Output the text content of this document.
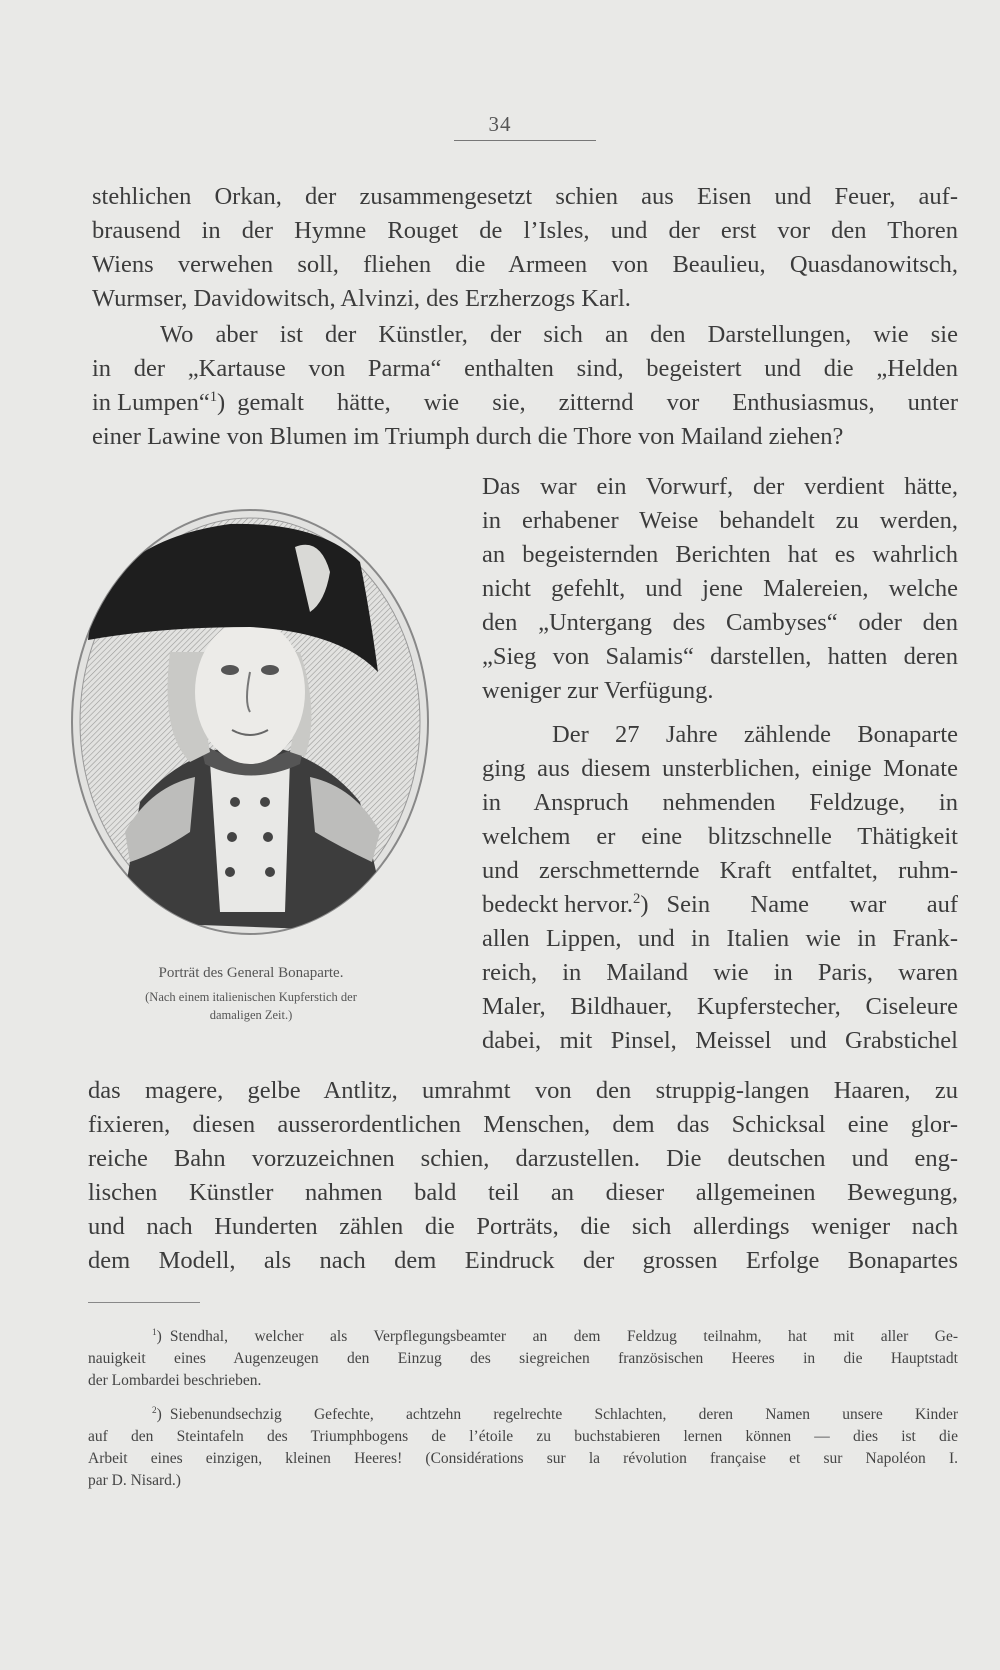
34
stehlichen Orkan, der zusammengesetzt schien aus Eisen und Feuer, auf-
brausend in der Hymne Rouget de l’Isles, und der erst vor den Thoren
Wiens verwehen soll, fliehen die Armeen von Beaulieu, Quasdanowitsch,
Wurmser, Davidowitsch, Alvinzi, des Erzherzogs Karl.
Wo aber ist der Künstler, der sich an den Darstellungen, wie sie
in der „Kartause von Parma“ enthalten sind, begeistert und die „Helden
in Lumpen“$^1$) gemalt hätte, wie sie, zitternd vor Enthusiasmus, unter
einer Lawine von Blumen im Triumph durch die Thore von Mailand ziehen?
Porträt des General Bonaparte.
(Nach einem italienischen Kupferstich der
damaligen Zeit.)
Das war ein Vorwurf, der verdient hätte,
in erhabener Weise behandelt zu werden,
an begeisternden Berichten hat es wahrlich
nicht gefehlt, und jene Malereien, welche
den „Untergang des Cambyses“ oder den
„Sieg von Salamis“ darstellen, hatten deren
weniger zur Verfügung.
Der 27 Jahre zählende Bonaparte
ging aus diesem unsterblichen, einige Monate
in Anspruch nehmenden Feldzuge, in
welchem er eine blitzschnelle Thätigkeit
und zerschmetternde Kraft entfaltet, ruhm-
bedeckt hervor.$^2$) Sein Name war auf
allen Lippen, und in Italien wie in Frank-
reich, in Mailand wie in Paris, waren
Maler, Bildhauer, Kupferstecher, Ciseleure
dabei, mit Pinsel, Meissel und Grabstichel
das magere, gelbe Antlitz, umrahmt von den struppig-langen Haaren, zu
fixieren, diesen ausserordentlichen Menschen, dem das Schicksal eine glor-
reiche Bahn vorzuzeichnen schien, darzustellen. Die deutschen und eng-
lischen Künstler nahmen bald teil an dieser allgemeinen Bewegung,
und nach Hunderten zählen die Porträts, die sich allerdings weniger nach
dem Modell, als nach dem Eindruck der grossen Erfolge Bonapartes
$^1$) Stendhal, welcher als Verpflegungsbeamter an dem Feldzug teilnahm, hat mit aller Ge-
nauigkeit eines Augenzeugen den Einzug des siegreichen französischen Heeres in die Hauptstadt
der Lombardei beschrieben.
$^2$) Siebenundsechzig Gefechte, achtzehn regelrechte Schlachten, deren Namen unsere Kinder
auf den Steintafeln des Triumphbogens de l’étoile zu buchstabieren lernen können — dies ist die
Arbeit eines einzigen, kleinen Heeres! (Considérations sur la révolution française et sur Napoléon I.
par D. Nisard.)
